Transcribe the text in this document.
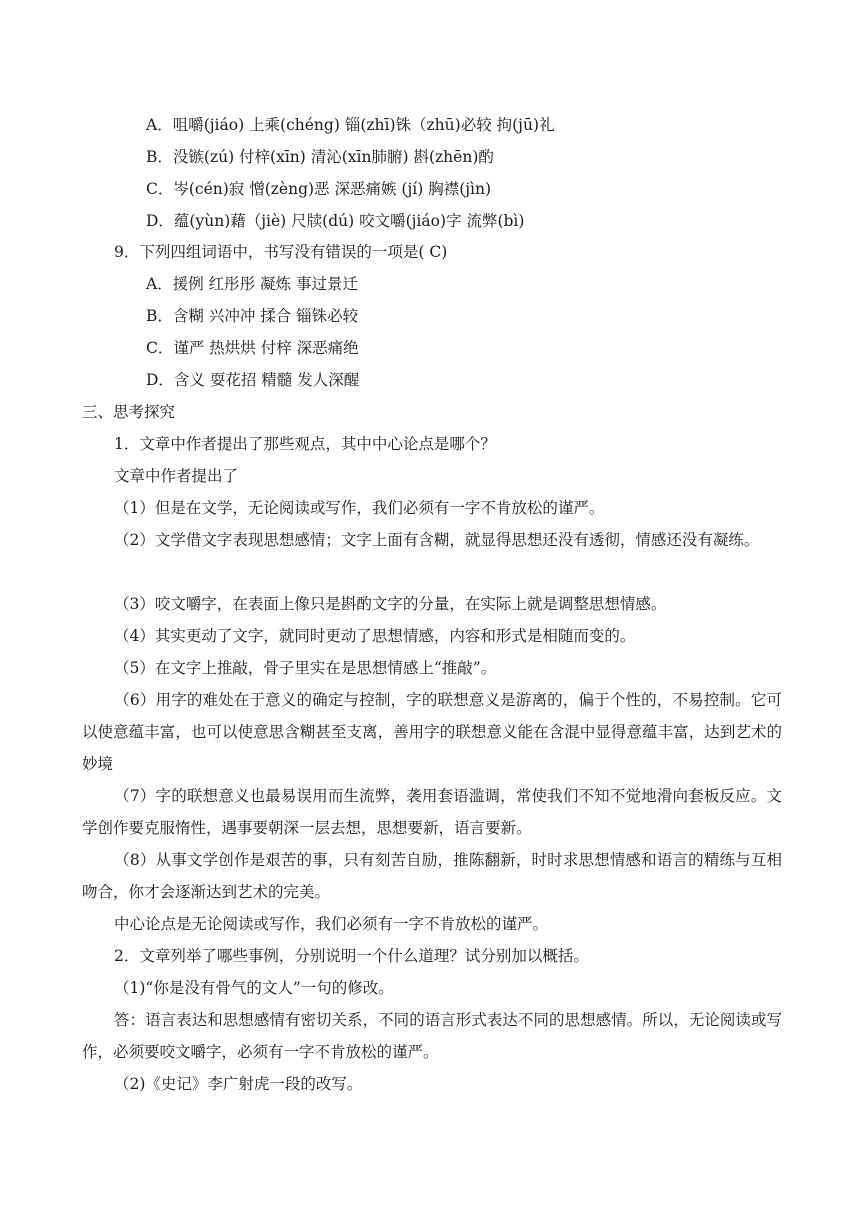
A．咀嚼(jiáo) 上乘(chéng) 锱(zhī)铢（zhū)必较 拘(jū)礼
B．没镞(zú) 付梓(xīn) 清沁(xīn肺腑) 斟(zhēn)酌
C．岑(cén)寂 憎(zèng)恶 深恶痛嫉 (jí) 胸襟(jìn)
D．蕴(yùn)藉（jiè) 尺牍(dú) 咬文嚼(jiáo)字 流弊(bì)
9．下列四组词语中，书写没有错误的一项是( C)
A．援例 红彤彤 凝炼 事过景迁
B．含糊 兴冲冲 揉合 锱铢必较
C．谨严 热烘烘 付梓 深恶痛绝
D．含义 耍花招 精髓 发人深醒
三、思考探究
1．文章中作者提出了那些观点，其中中心论点是哪个？
文章中作者提出了
（1）但是在文学，无论阅读或写作，我们必须有一字不肯放松的谨严。
（2）文学借文字表现思想感情；文字上面有含糊，就显得思想还没有透彻，情感还没有凝练。
（3）咬文嚼字，在表面上像只是斟酌文字的分量，在实际上就是调整思想情感。
（4）其实更动了文字，就同时更动了思想情感，内容和形式是相随而变的。
（5）在文字上推敲，骨子里实在是思想情感上“推敲”。
（6）用字的难处在于意义的确定与控制，字的联想意义是游离的，偏于个性的，不易控制。它可以使意蕴丰富，也可以使意思含糊甚至支离，善用字的联想意义能在含混中显得意蕴丰富，达到艺术的妙境
（7）字的联想意义也最易误用而生流弊，袭用套语滥调，常使我们不知不觉地滑向套板反应。文学创作要克服惰性，遇事要朝深一层去想，思想要新，语言要新。
（8）从事文学创作是艰苦的事，只有刻苦自励，推陈翻新，时时求思想情感和语言的精练与互相吻合，你才会逐渐达到艺术的完美。
中心论点是无论阅读或写作，我们必须有一字不肯放松的谨严。
2．文章列举了哪些事例，分别说明一个什么道理？试分别加以概括。
（1)“你是没有骨气的文人”一句的修改。
答：语言表达和思想感情有密切关系，不同的语言形式表达不同的思想感情。所以，无论阅读或写作，必须要咬文嚼字，必须有一字不肯放松的谨严。
（2)《史记》李广射虎一段的改写。
